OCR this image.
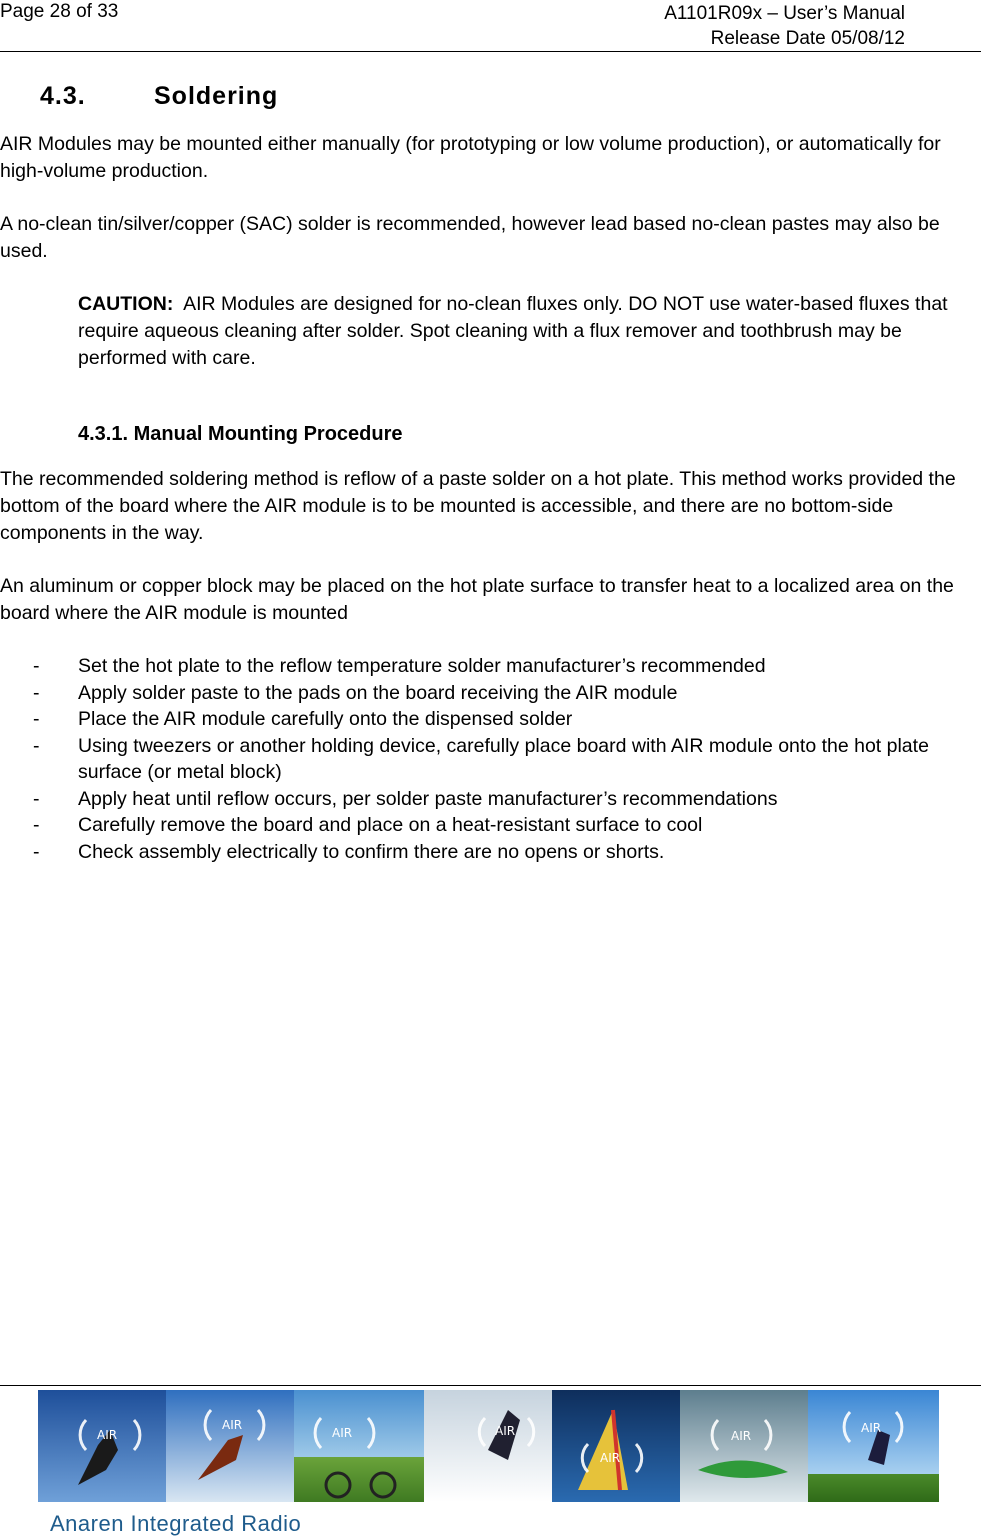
Page 28 of 33	A1101R09x – User’s Manual
Release Date 05/08/12
4.3.	Soldering
AIR Modules may be mounted either manually (for prototyping or low volume production), or automatically for high-volume production.
A no-clean tin/silver/copper (SAC) solder is recommended, however lead based no-clean pastes may also be used.
CAUTION: AIR Modules are designed for no-clean fluxes only. DO NOT use water-based fluxes that require aqueous cleaning after solder. Spot cleaning with a flux remover and toothbrush may be performed with care.
4.3.1. Manual Mounting Procedure
The recommended soldering method is reflow of a paste solder on a hot plate. This method works provided the bottom of the board where the AIR module is to be mounted is accessible, and there are no bottom-side components in the way.
An aluminum or copper block may be placed on the hot plate surface to transfer heat to a localized area on the board where the AIR module is mounted
- Set the hot plate to the reflow temperature solder manufacturer’s recommended
- Apply solder paste to the pads on the board receiving the AIR module
- Place the AIR module carefully onto the dispensed solder
- Using tweezers or another holding device, carefully place board with AIR module onto the hot plate surface (or metal block)
- Apply heat until reflow occurs, per solder paste manufacturer’s recommendations
- Carefully remove the board and place on a heat-resistant surface to cool
- Check assembly electrically to confirm there are no opens or shorts.
AIR
AIR
AIR	AIR
AIR
AIR
AIR
Anaren Integrated Radio
